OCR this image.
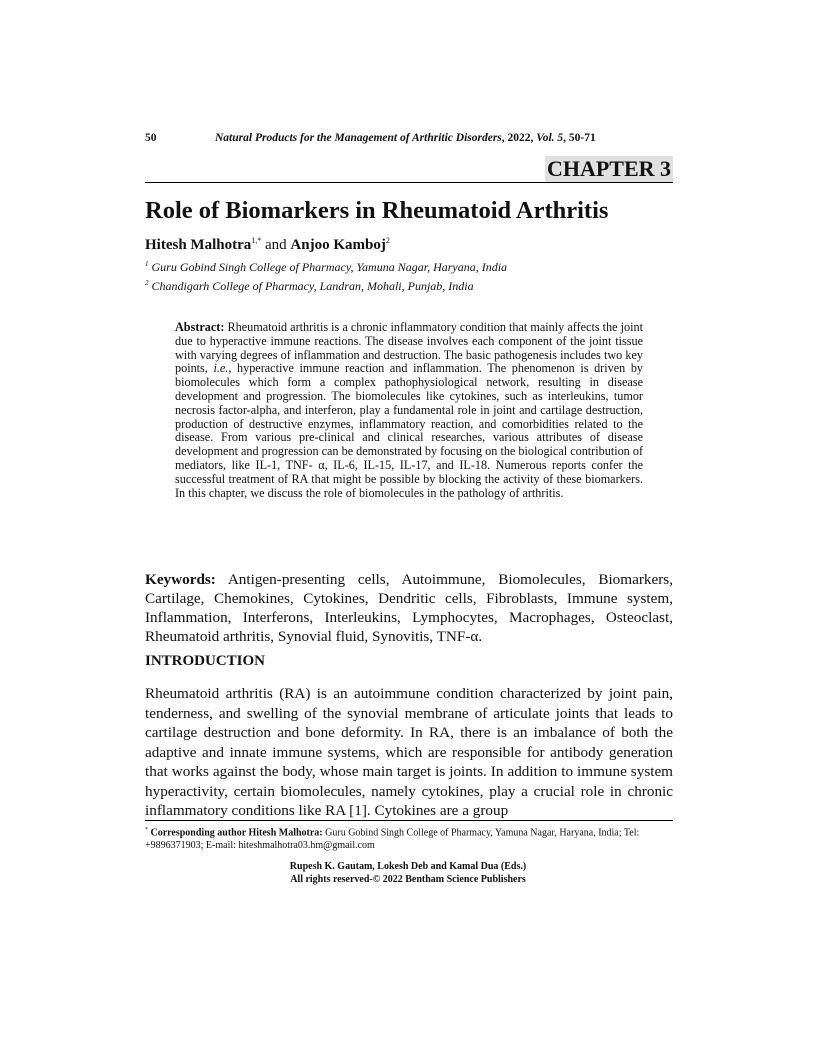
50	Natural Products for the Management of Arthritic Disorders, 2022, Vol. 5, 50-71
CHAPTER 3
Role of Biomarkers in Rheumatoid Arthritis
Hitesh Malhotra$^{1,*}$ and Anjoo Kamboj$^2$
$^1$ Guru Gobind Singh College of Pharmacy, Yamuna Nagar, Haryana, India
$^2$ Chandigarh College of Pharmacy, Landran, Mohali, Punjab, India
Abstract: Rheumatoid arthritis is a chronic inflammatory condition that mainly affects the joint due to hyperactive immune reactions. The disease involves each component of the joint tissue with varying degrees of inflammation and destruction. The basic pathogenesis includes two key points, i.e., hyperactive immune reaction and inflammation. The phenomenon is driven by biomolecules which form a complex pathophysiological network, resulting in disease development and progression. The biomolecules like cytokines, such as interleukins, tumor necrosis factor-alpha, and interferon, play a fundamental role in joint and cartilage destruction, production of destructive enzymes, inflammatory reaction, and comorbidities related to the disease. From various pre-clinical and clinical researches, various attributes of disease development and progression can be demonstrated by focusing on the biological contribution of mediators, like IL-1, TNF- α, IL-6, IL-15, IL-17, and IL-18. Numerous reports confer the successful treatment of RA that might be possible by blocking the activity of these biomarkers. In this chapter, we discuss the role of biomolecules in the pathology of arthritis.
Keywords: Antigen-presenting cells, Autoimmune, Biomolecules, Biomarkers, Cartilage, Chemokines, Cytokines, Dendritic cells, Fibroblasts, Immune system, Inflammation, Interferons, Interleukins, Lymphocytes, Macrophages, Osteoclast, Rheumatoid arthritis, Synovial fluid, Synovitis, TNF-α.
INTRODUCTION
Rheumatoid arthritis (RA) is an autoimmune condition characterized by joint pain, tenderness, and swelling of the synovial membrane of articulate joints that leads to cartilage destruction and bone deformity. In RA, there is an imbalance of both the adaptive and innate immune systems, which are responsible for antibody generation that works against the body, whose main target is joints. In addition to immune system hyperactivity, certain biomolecules, namely cytokines, play a crucial role in chronic inflammatory conditions like RA [1]. Cytokines are a group
* Corresponding author Hitesh Malhotra: Guru Gobind Singh College of Pharmacy, Yamuna Nagar, Haryana, India; Tel: +9896371903; E-mail: hiteshmalhotra03.hm@gmail.com
Rupesh K. Gautam, Lokesh Deb and Kamal Dua (Eds.)
All rights reserved-© 2022 Bentham Science Publishers
